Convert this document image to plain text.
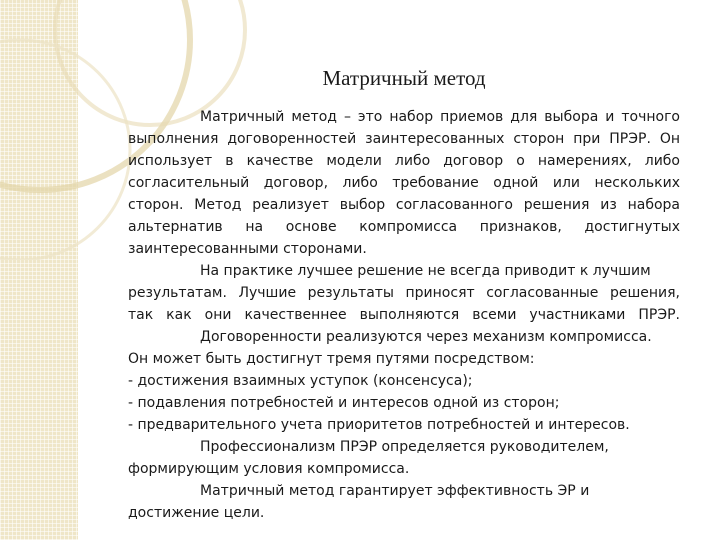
Матричный метод

Матричный метод – это набор приемов для выбора и точного

выполнения договоренностей заинтересованных сторон при ПРЭР. Он

использует в качестве модели либо договор о намерениях, либо

согласительный договор, либо требование одной или нескольких

сторон. Метод реализует выбор согласованного решения из набора

альтернатив на основе компромисса признаков, достигнутых

заинтересованными сторонами.

На практике лучшее решение не всегда приводит к лучшим

результатам. Лучшие результаты приносят согласованные решения,

так как они качественнее выполняются всеми участниками ПРЭР.

Договоренности реализуются через механизм компромисса.

Он может быть достигнут тремя путями посредством:

- достижения взаимных уступок (консенсуса);

- подавления потребностей и интересов одной из сторон;

- предварительного учета приоритетов потребностей и интересов.

Профессионализм ПРЭР определяется руководителем,

формирующим условия компромисса.

Матричный метод гарантирует эффективность ЭР и

достижение цели.
